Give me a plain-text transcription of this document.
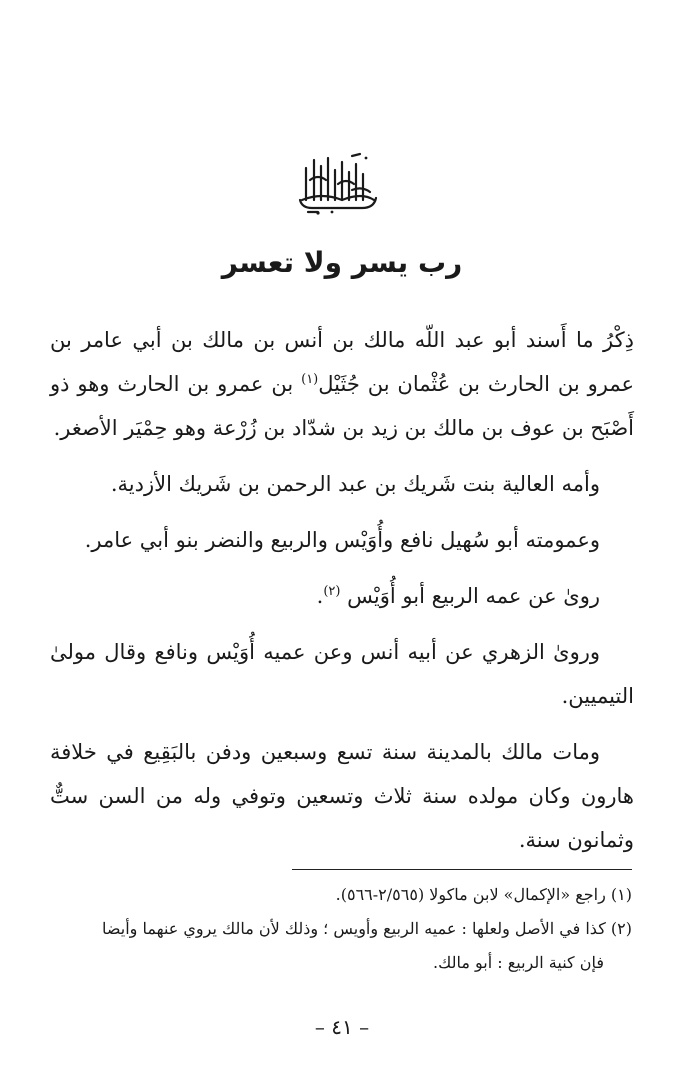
رب يسر ولا تعسر

ذِكْرُ ما أَسند أبو عبد اللّه مالك بن أنس بن مالك بن أبي عامر بن عمرو بن الحارث بن عُثْمان بن جُثَيْل$^{(١)}$ بن عمرو بن الحارث وهو ذو أَصْبَح بن عوف بن مالك بن زيد بن شدّاد بن زُرْعة وهو حِمْيَر الأصغر.

وأمه العالية بنت شَريك بن عبد الرحمن بن شَريك الأزدية.

وعمومته أبو سُهيل نافع وأُوَيْس والربيع والنضر بنو أبي عامر.

روىٰ عن عمه الربيع أبو أُوَيْس $^{(٢)}$.

وروىٰ الزهري عن أبيه أنس وعن عميه أُوَيْس ونافع وقال مولىٰ التيميين.

ومات مالك بالمدينة سنة تسع وسبعين ودفن بالبَقِيع في خلافة هارون وكان مولده سنة ثلاث وتسعين وتوفي وله من السن ستٌّ وثمانون سنة.

(١) راجع «الإكمال» لابن ماكولا (٢/٥٦٥-٥٦٦).

(٢) كذا في الأصل ولعلها : عميه الربيع وأويس ؛ وذلك لأن مالك يروي عنهما وأيضا

فإن كنية الربيع : أبو مالك.

– ٤١ –
